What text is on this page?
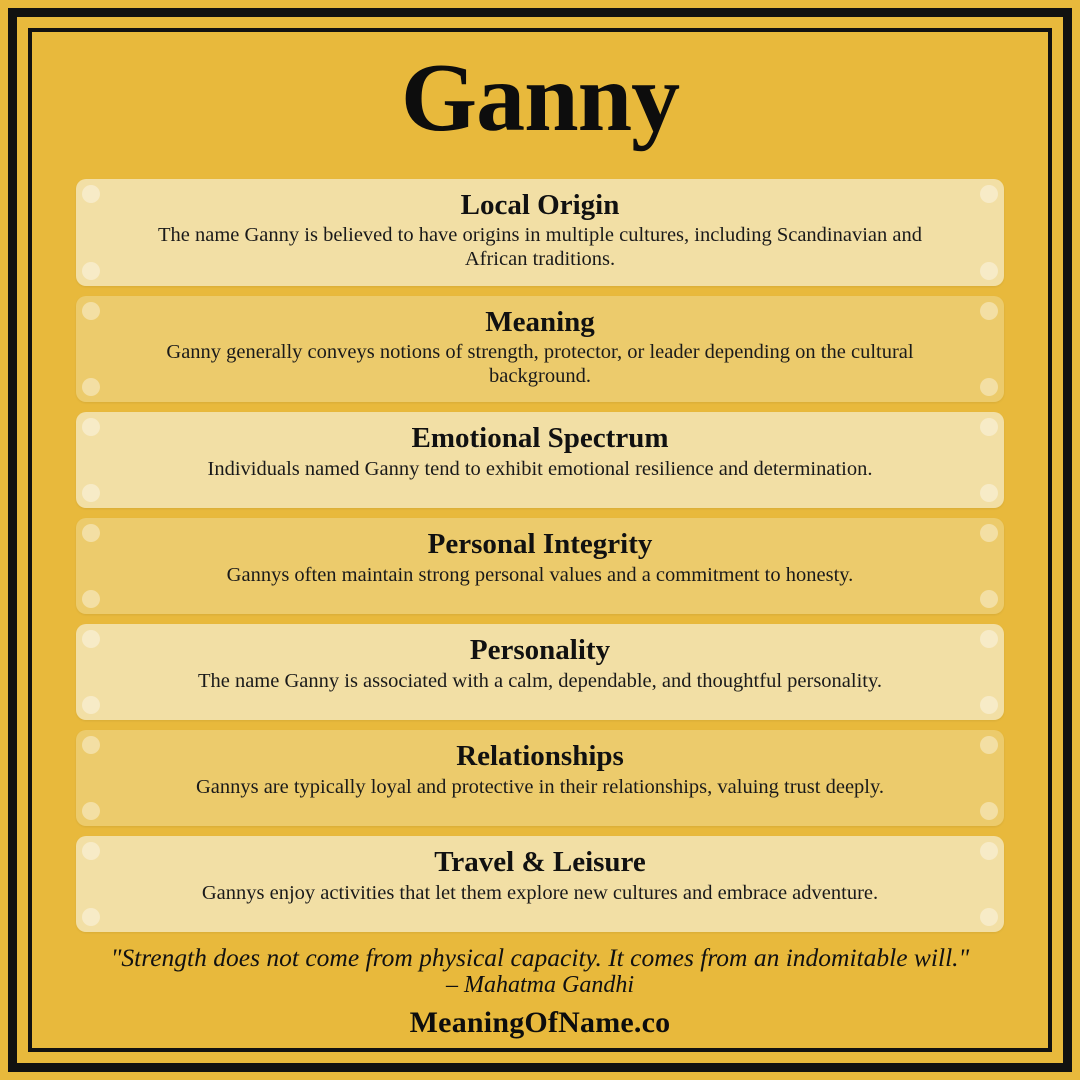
Ganny
Local Origin
The name Ganny is believed to have origins in multiple cultures, including Scandinavian and African traditions.
Meaning
Ganny generally conveys notions of strength, protector, or leader depending on the cultural background.
Emotional Spectrum
Individuals named Ganny tend to exhibit emotional resilience and determination.
Personal Integrity
Gannys often maintain strong personal values and a commitment to honesty.
Personality
The name Ganny is associated with a calm, dependable, and thoughtful personality.
Relationships
Gannys are typically loyal and protective in their relationships, valuing trust deeply.
Travel & Leisure
Gannys enjoy activities that let them explore new cultures and embrace adventure.
"Strength does not come from physical capacity. It comes from an indomitable will."
– Mahatma Gandhi
MeaningOfName.co
